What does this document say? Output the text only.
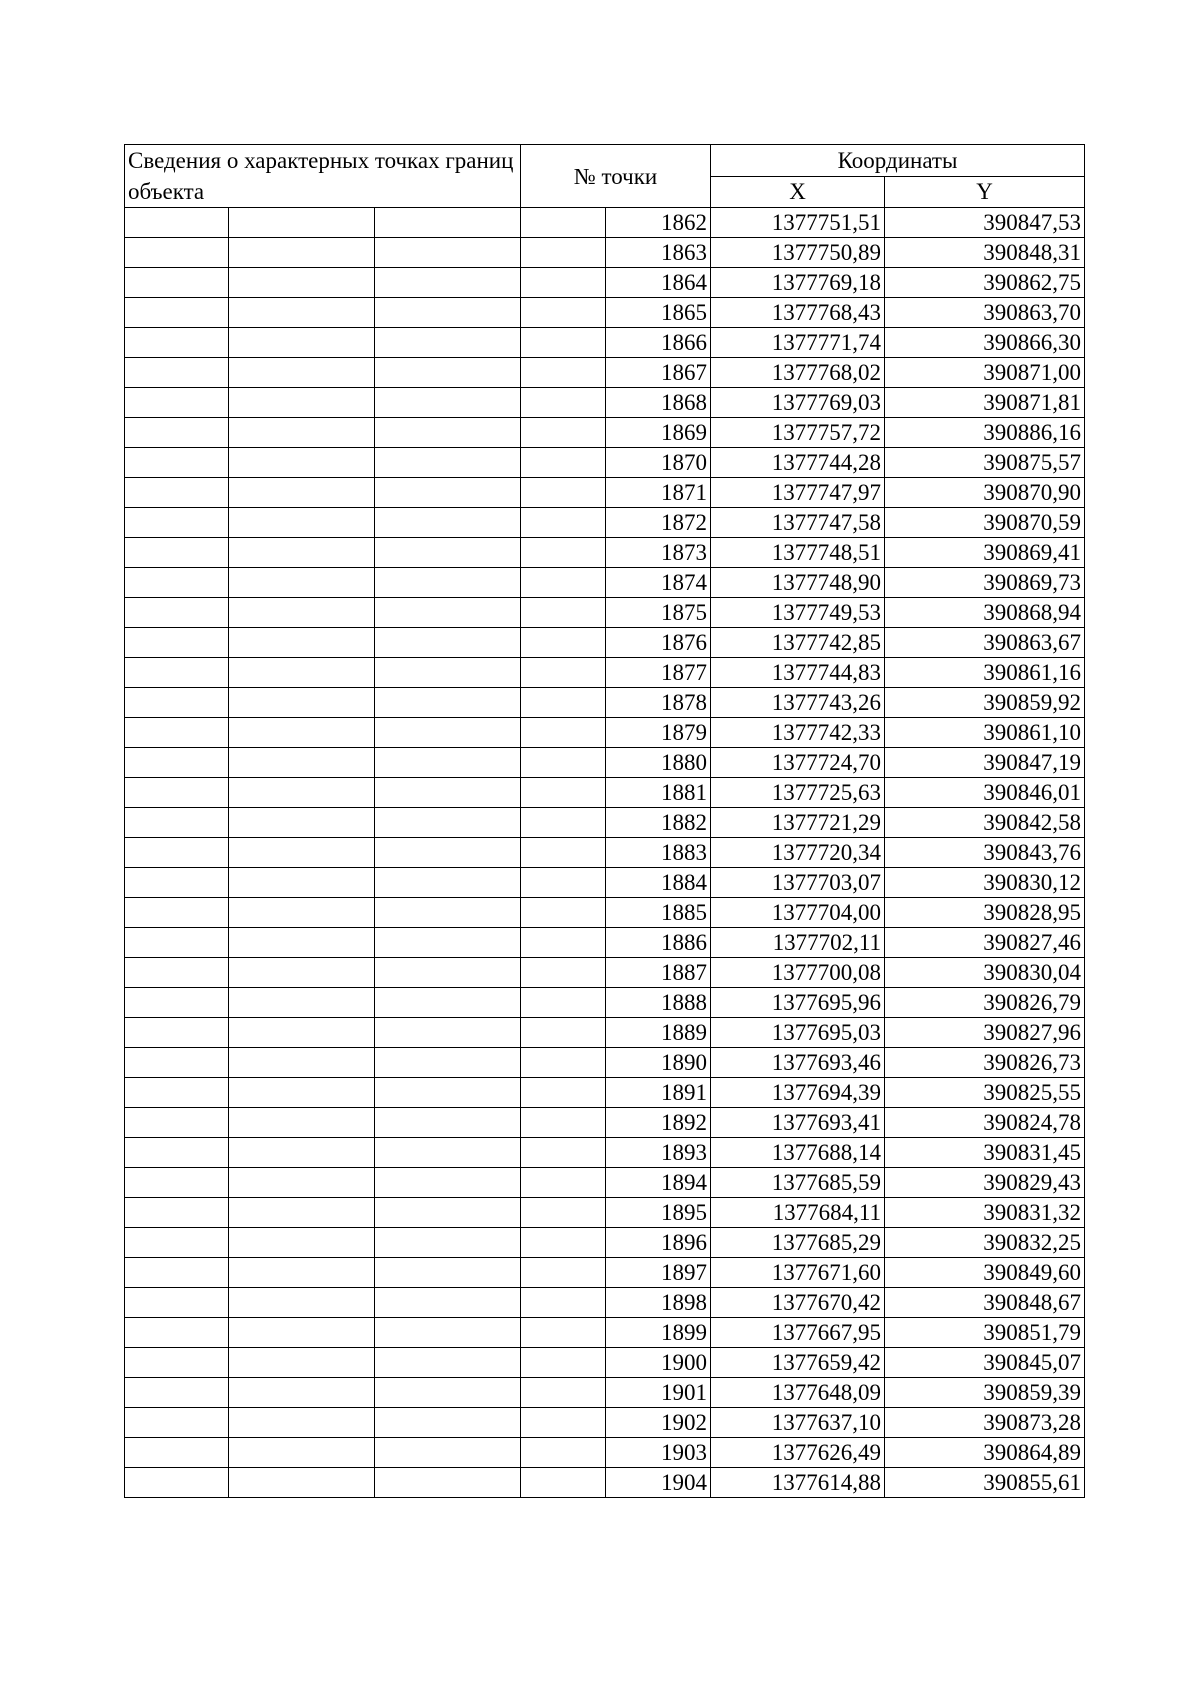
Сведения о характерных точках границ объекта			№ точки		Координаты	
					X	Y
				1862	1377751,51	390847,53
				1863	1377750,89	390848,31
				1864	1377769,18	390862,75
				1865	1377768,43	390863,70
				1866	1377771,74	390866,30
				1867	1377768,02	390871,00
				1868	1377769,03	390871,81
				1869	1377757,72	390886,16
				1870	1377744,28	390875,57
				1871	1377747,97	390870,90
				1872	1377747,58	390870,59
				1873	1377748,51	390869,41
				1874	1377748,90	390869,73
				1875	1377749,53	390868,94
				1876	1377742,85	390863,67
				1877	1377744,83	390861,16
				1878	1377743,26	390859,92
				1879	1377742,33	390861,10
				1880	1377724,70	390847,19
				1881	1377725,63	390846,01
				1882	1377721,29	390842,58
				1883	1377720,34	390843,76
				1884	1377703,07	390830,12
				1885	1377704,00	390828,95
				1886	1377702,11	390827,46
				1887	1377700,08	390830,04
				1888	1377695,96	390826,79
				1889	1377695,03	390827,96
				1890	1377693,46	390826,73
				1891	1377694,39	390825,55
				1892	1377693,41	390824,78
				1893	1377688,14	390831,45
				1894	1377685,59	390829,43
				1895	1377684,11	390831,32
				1896	1377685,29	390832,25
				1897	1377671,60	390849,60
				1898	1377670,42	390848,67
				1899	1377667,95	390851,79
				1900	1377659,42	390845,07
				1901	1377648,09	390859,39
				1902	1377637,10	390873,28
				1903	1377626,49	390864,89
				1904	1377614,88	390855,61
